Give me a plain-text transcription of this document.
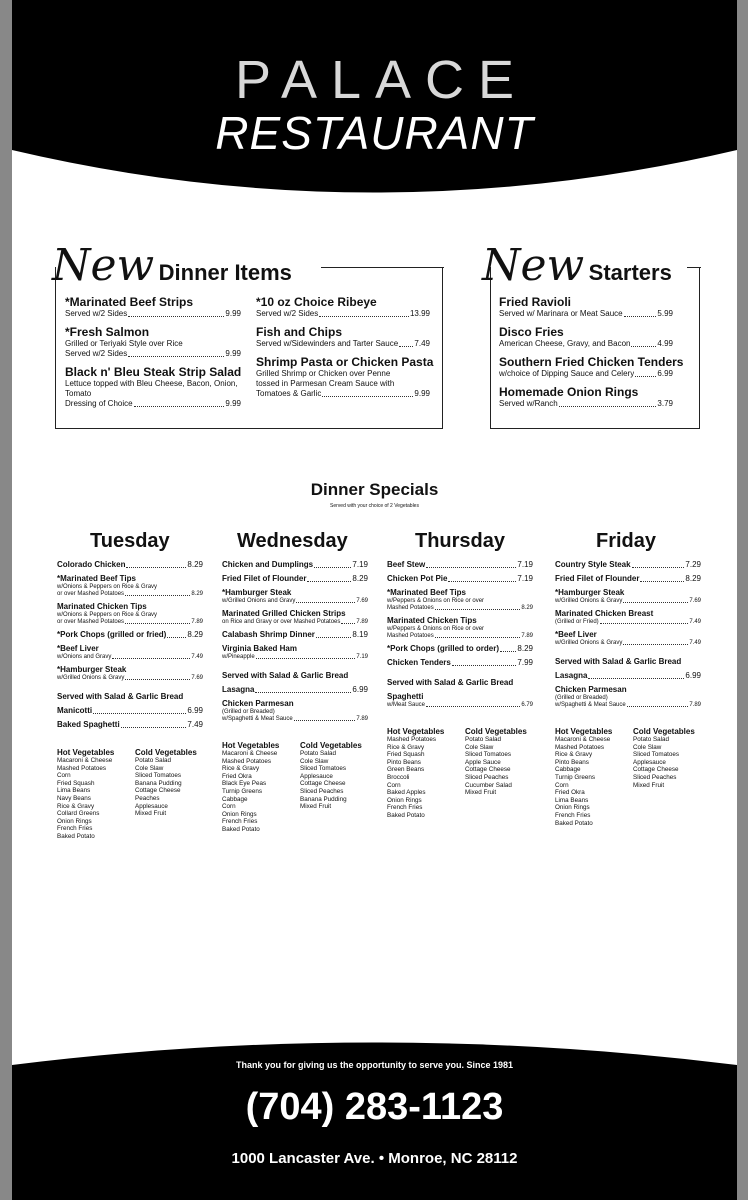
PALACE
RESTAURANT
New Dinner Items	New Starters
Dinner Specials
Served with your choice of 2 Vegetables
Thank you for giving us the opportunity to serve you. Since 1981
(704) 283-1123
1000 Lancaster Ave. • Monroe, NC 28112
*Marinated Beef Strips
Served w/2 Sides	9.99
*Fresh Salmon
Grilled or Teriyaki Style over Rice
Served w/2 Sides	9.99
Black n' Bleu Steak Strip Salad
Lettuce topped with Bleu Cheese, Bacon, Onion,
Tomato
Dressing of Choice	9.99
*10 oz Choice Ribeye
Served w/2 Sides	13.99
Fish and Chips
Served w/Sidewinders and Tarter Sauce 7.49
Shrimp Pasta or Chicken Pasta
Grilled Shrimp or Chicken over Penne
tossed in Parmesan Cream Sauce with
Tomatoes & Garlic	9.99
Fried Ravioli
Served w/ Marinara or Meat Sauce	5.99
Disco Fries
American Cheese, Gravy, and Bacon	4.99
Southern Fried Chicken Tenders
w/choice of Dipping Sauce and Celery	6.99
Homemade Onion Rings
Served w/Ranch	3.79
Tuesday
Colorado Chicken	8.29
*Marinated Beef Tips
w/Onions & Peppers on Rice & Gravy
or over Mashed Potatoes	8.29
Marinated Chicken Tips
w/Onions & Peppers on Rice & Gravy
or over Mashed Potatoes	7.89
*Pork Chops (grilled or fried)	8.29
*Beef Liver
w/Onions and Gravy	7.49
*Hamburger Steak
w/Grilled Onions & Gravy	7.69
Served with Salad & Garlic Bread
Manicotti	6.99
Baked Spaghetti	7.49
Hot Vegetables
Macaroni & Cheese
Mashed Potatoes
Corn
Fried Squash
Lima Beans
Navy Beans
Rice & Gravy
Collard Greens
Onion Rings
French Fries
Baked Potato
Cold Vegetables
Potato Salad
Cole Slaw
Sliced Tomatoes
Banana Pudding
Cottage Cheese
Peaches
Applesauce
Mixed Fruit
Wednesday
Chicken and Dumplings	7.19
Fried Filet of Flounder	8.29
*Hamburger Steak
w/Grilled Onions and Gravy	7.69
Marinated Grilled Chicken Strips
on Rice and Gravy or over Mashed Potatoes	7.89
Calabash Shrimp Dinner	8.19
Virginia Baked Ham
w/Pineapple	7.19
Served with Salad & Garlic Bread
Lasagna	6.99
Chicken Parmesan
(Grilled or Breaded)
w/Spaghetti & Meat Sauce	7.89
Hot Vegetables
Macaroni & Cheese
Mashed Potatoes
Rice & Gravy
Fried Okra
Black Eye Peas
Turnip Greens
Cabbage
Corn
Onion Rings
French Fries
Baked Potato
Cold Vegetables
Potato Salad
Cole Slaw
Sliced Tomatoes
Applesauce
Cottage Cheese
Sliced Peaches
Banana Pudding
Mixed Fruit
Thursday
Beef Stew	7.19
Chicken Pot Pie	7.19
*Marinated Beef Tips
w/Peppers & Onions on Rice or over
Mashed Potatoes	8.29
Marinated Chicken Tips
w/Peppers & Onions on Rice or over
Mashed Potatoes	7.89
*Pork Chops (grilled to order) 8.29
Chicken Tenders	7.99
Served with Salad & Garlic Bread
Spaghetti
w/Meat Sauce	6.79
Hot Vegetables
Mashed Potatoes
Rice & Gravy
Fried Squash
Pinto Beans
Green Beans
Broccoli
Corn
Baked Apples
Onion Rings
French Fries
Baked Potato
Cold Vegetables
Potato Salad
Cole Slaw
Sliced Tomatoes
Apple Sauce
Cottage Cheese
Sliced Peaches
Cucumber Salad
Mixed Fruit
Friday
Country Style Steak	7.29
Fried Filet of Flounder	8.29
*Hamburger Steak
w/Grilled Onions & Gravy	7.69
Marinated Chicken Breast
(Grilled or Fried)	7.49
*Beef Liver
w/Grilled Onions & Gravy	7.49
Served with Salad & Garlic Bread
Lasagna	6.99
Chicken Parmesan
(Grilled or Breaded)
w/Spaghetti & Meat Sauce	7.89
Hot Vegetables
Macaroni & Cheese
Mashed Potatoes
Rice & Gravy
Pinto Beans
Cabbage
Turnip Greens
Corn
Fried Okra
Lima Beans
Onion Rings
French Fries
Baked Potato
Cold Vegetables
Potato Salad
Cole Slaw
Sliced Tomatoes
Applesauce
Cottage Cheese
Sliced Peaches
Mixed Fruit
